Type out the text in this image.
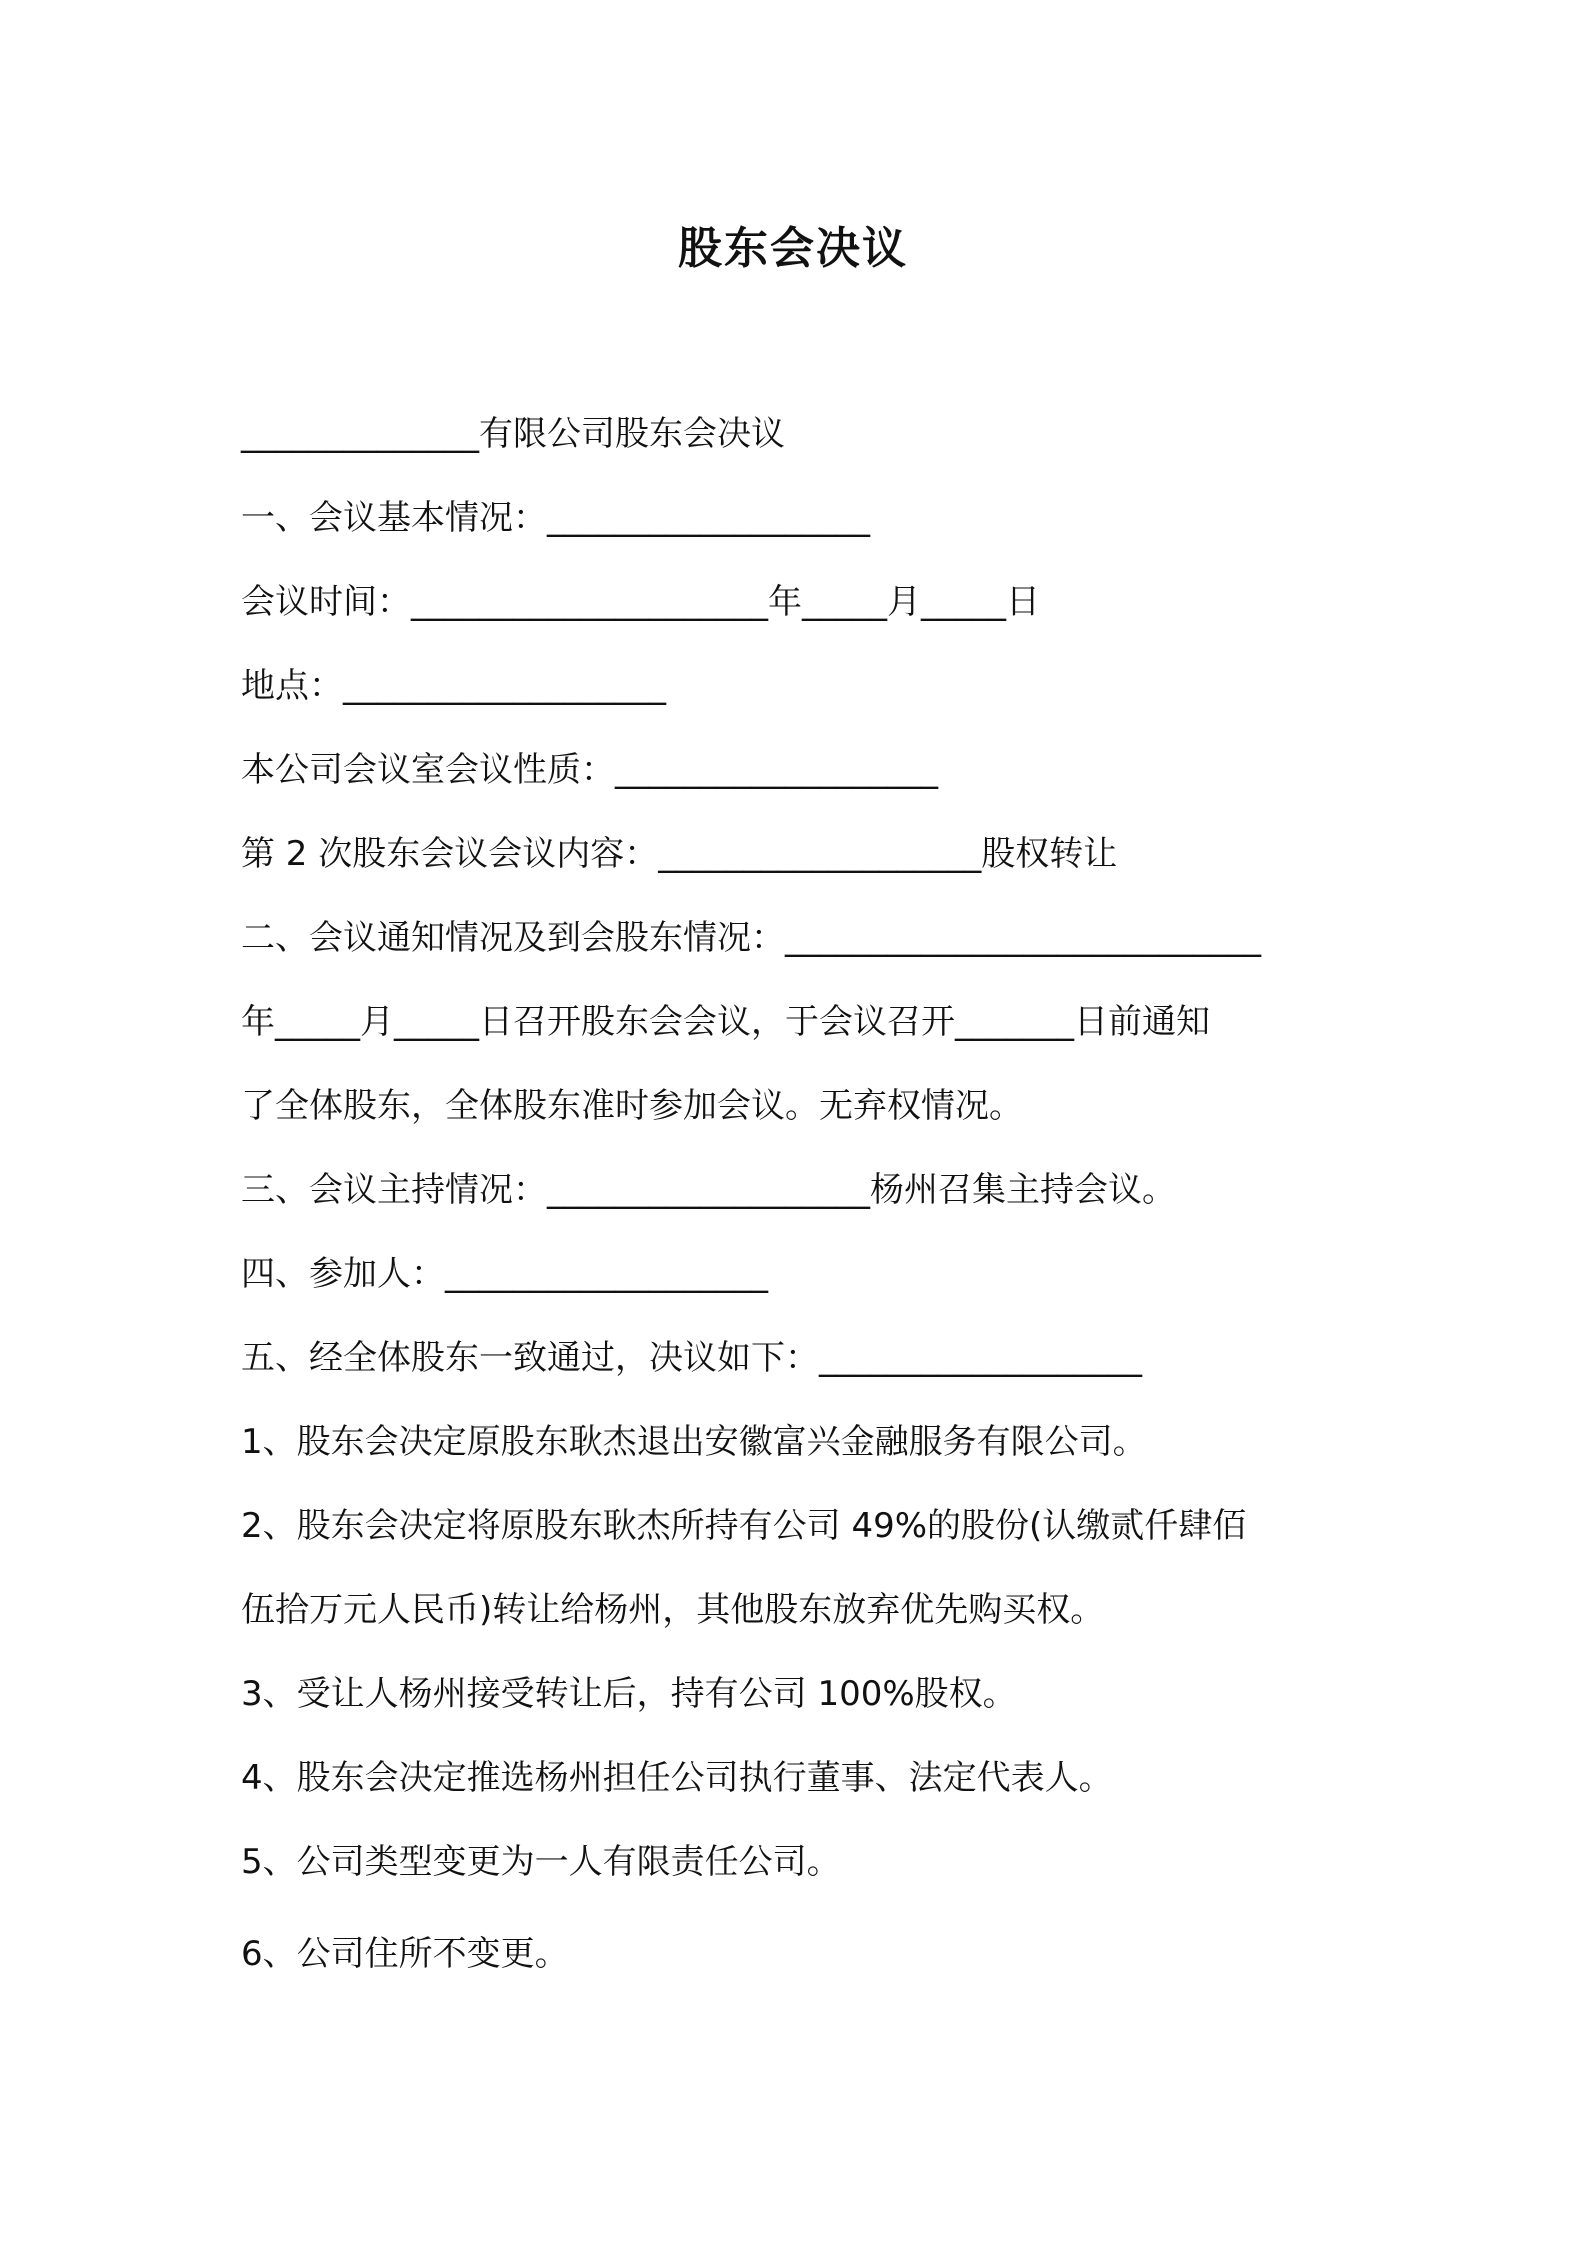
股东会决议
______________有限公司股东会决议
一、会议基本情况：___________________
会议时间：_____________________年_____月_____日
地点：___________________
本公司会议室会议性质：___________________
第 2 次股东会议会议内容：___________________股权转让
二、会议通知情况及到会股东情况：____________________________
年_____月_____日召开股东会会议，于会议召开_______日前通知
了全体股东，全体股东准时参加会议。无弃权情况。
三、会议主持情况：___________________杨州召集主持会议。
四、参加人：___________________
五、经全体股东一致通过，决议如下：___________________
1、股东会决定原股东耿杰退出安徽富兴金融服务有限公司。
2、股东会决定将原股东耿杰所持有公司 49%的股份(认缴贰仟肆佰
伍拾万元人民币)转让给杨州，其他股东放弃优先购买权。
3、受让人杨州接受转让后，持有公司 100%股权。
4、股东会决定推选杨州担任公司执行董事、法定代表人。
5、公司类型变更为一人有限责任公司。
6、公司住所不变更。
